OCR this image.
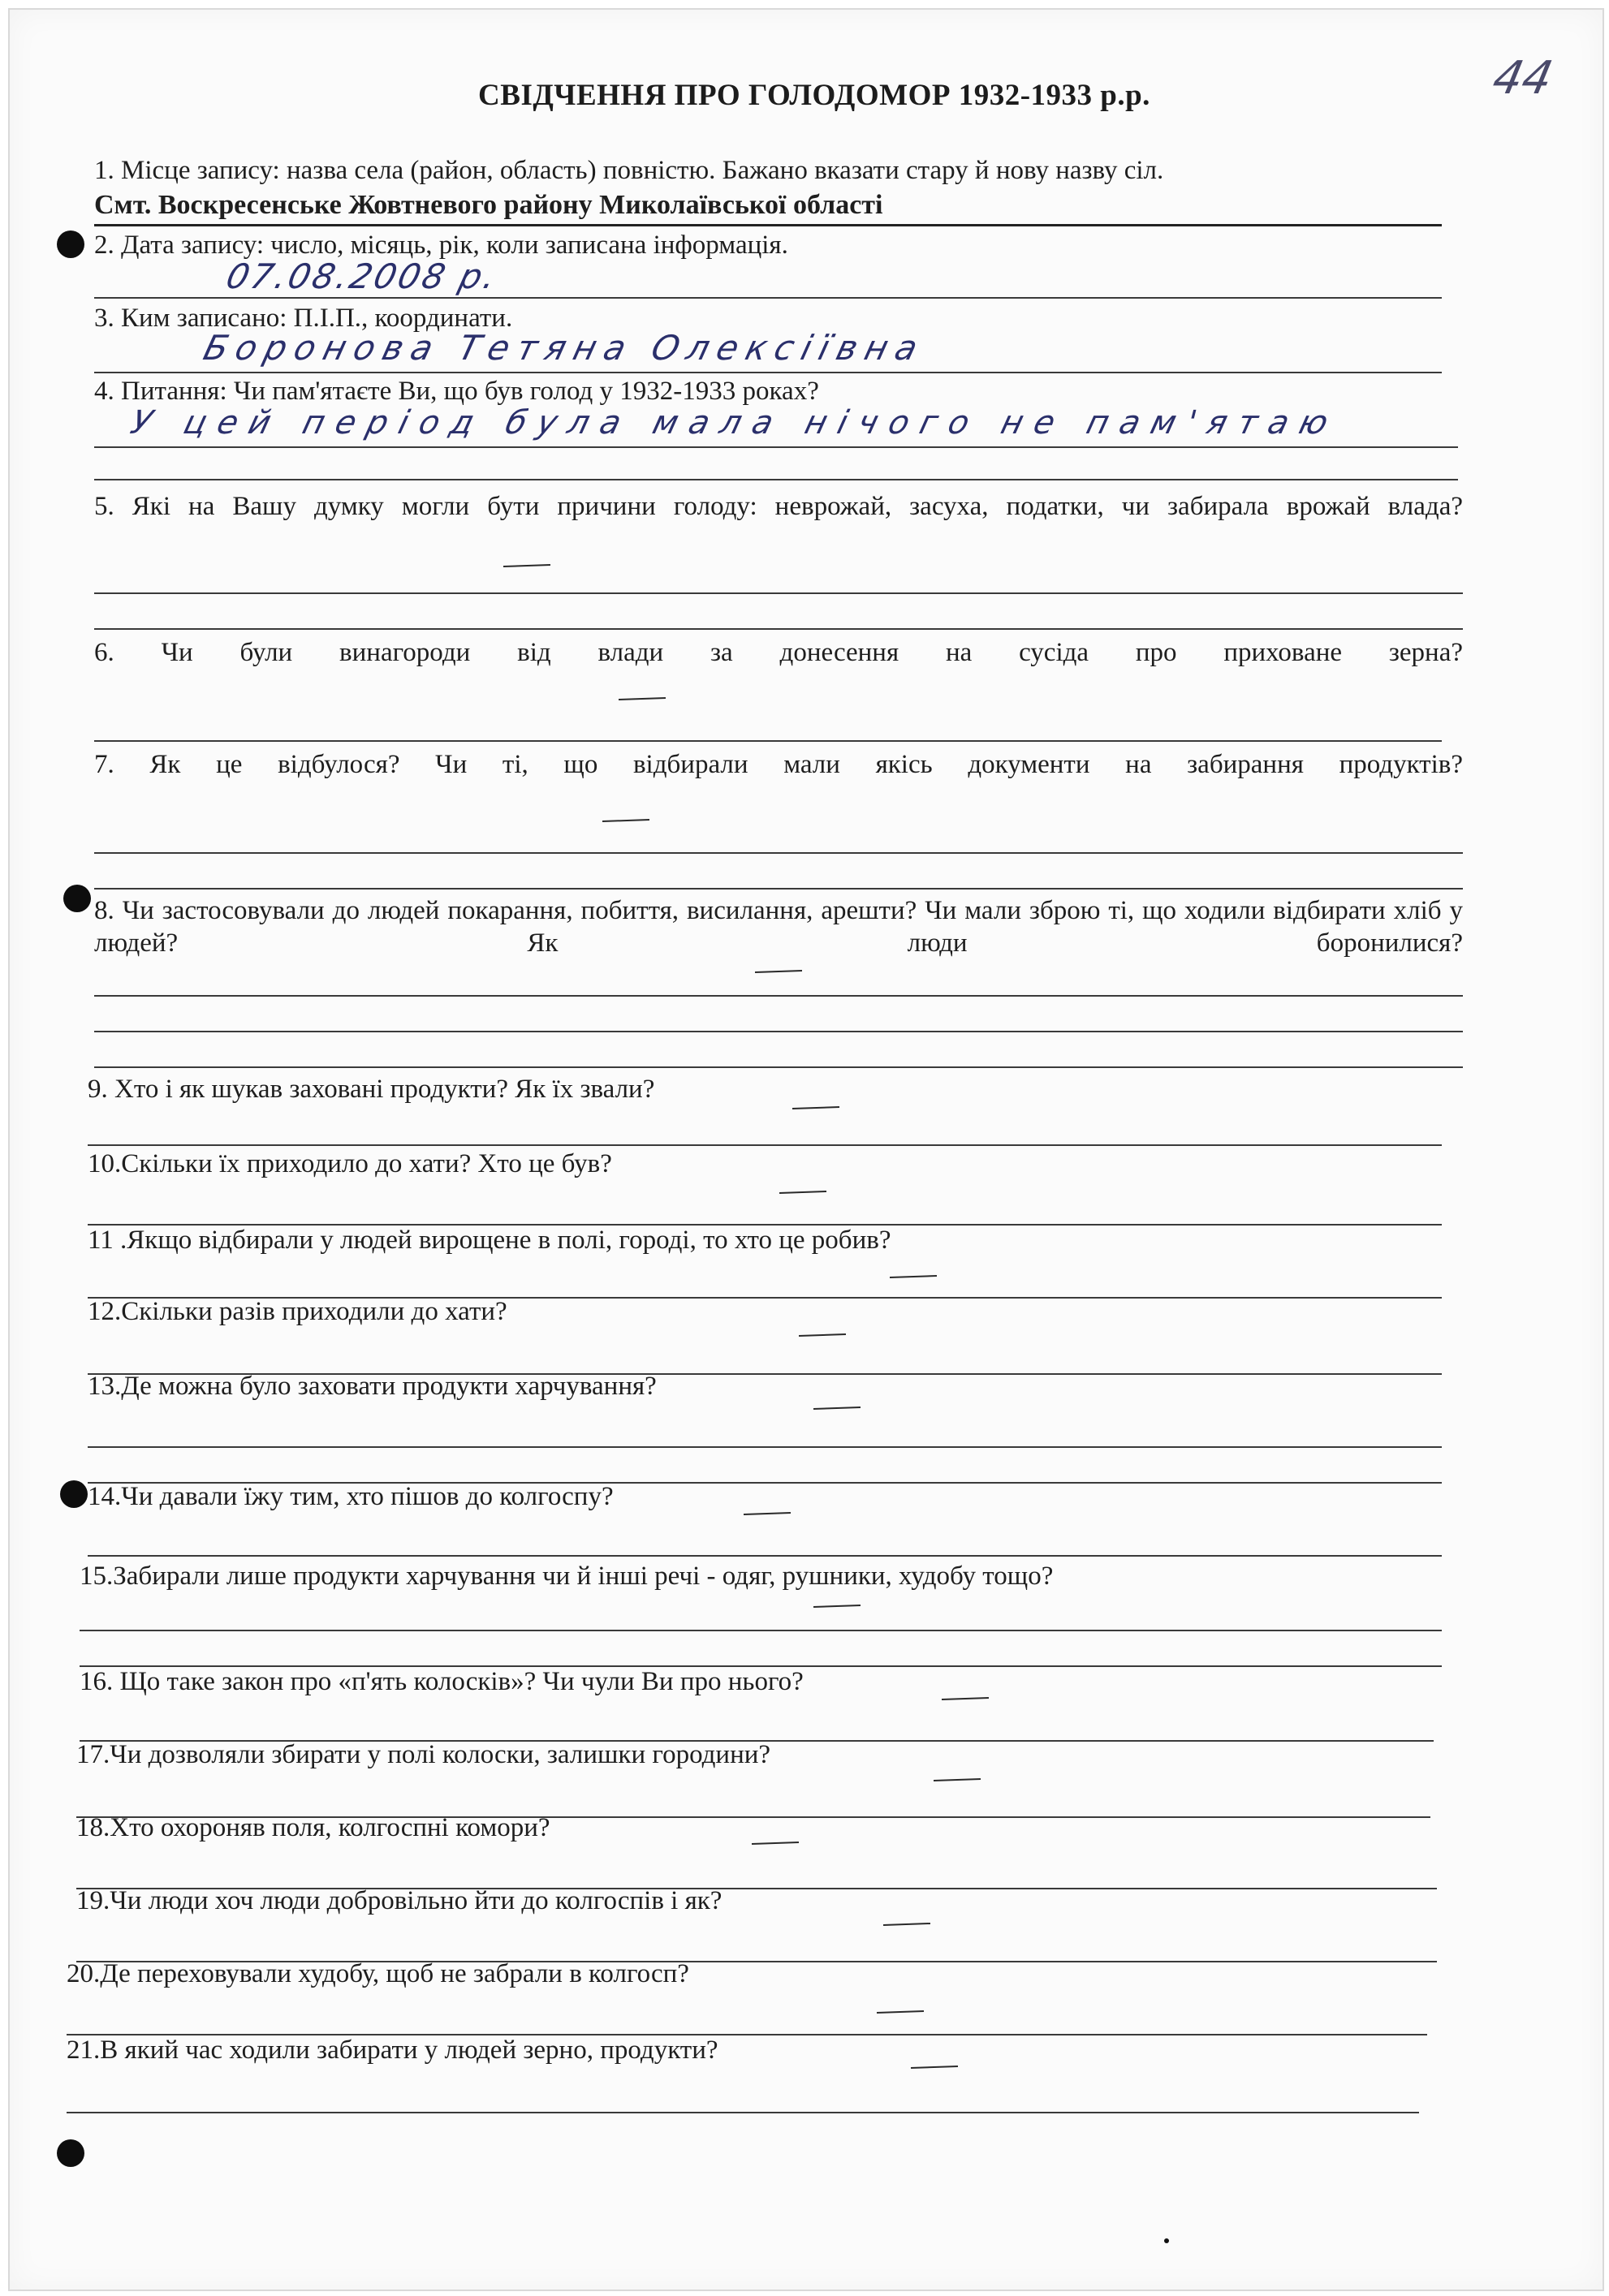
44
СВІДЧЕННЯ ПРО ГОЛОДОМОР 1932-1933 р.р.
1. Місце запису: назва села (район, область) повністю. Бажано вказати стару й нову назву сіл.
Смт. Воскресенське Жовтневого району Миколаївської області
2. Дата запису: число, місяць, рік, коли записана інформація.
07.08.2008 р.
3. Ким записано: П.І.П., координати.
Боронова Тетяна Олексіївна
4. Питання: Чи пам'ятаєте Ви, що був голод у 1932-1933 роках?
У цей період була мала нічого не пам'ятаю
5. Які на Вашу думку могли бути причини голоду: неврожай, засуха, податки, чи забирала врожай влада?
6. Чи були винагороди від влади за донесення на сусіда про приховане зерна?
7. Як це відбулося? Чи ті, що відбирали мали якісь документи на забирання продуктів?
8. Чи застосовували до людей покарання, побиття, висилання, арешти? Чи мали зброю ті, що ходили відбирати хліб у людей? Як люди боронилися?
9. Хто і як шукав заховані продукти? Як їх звали?
10.Скільки їх приходило до хати? Хто це був?
11 .Якщо відбирали у людей вирощене в полі, городі, то хто це робив?
12.Скільки разів приходили до хати?
13.Де можна було заховати продукти харчування?
14.Чи давали їжу тим, хто пішов до колгоспу?
15.Забирали лише продукти харчування чи й інші речі - одяг, рушники, худобу тощо?
16. Що таке закон про «п'ять колосків»? Чи чули Ви про нього?
17.Чи дозволяли збирати у полі колоски, залишки городини?
18.Хто охороняв поля, колгоспні комори?
19.Чи люди хоч люди добровільно йти до колгоспів і як?
20.Де переховували худобу, щоб не забрали в колгосп?
21.В який час ходили забирати у людей зерно, продукти?
